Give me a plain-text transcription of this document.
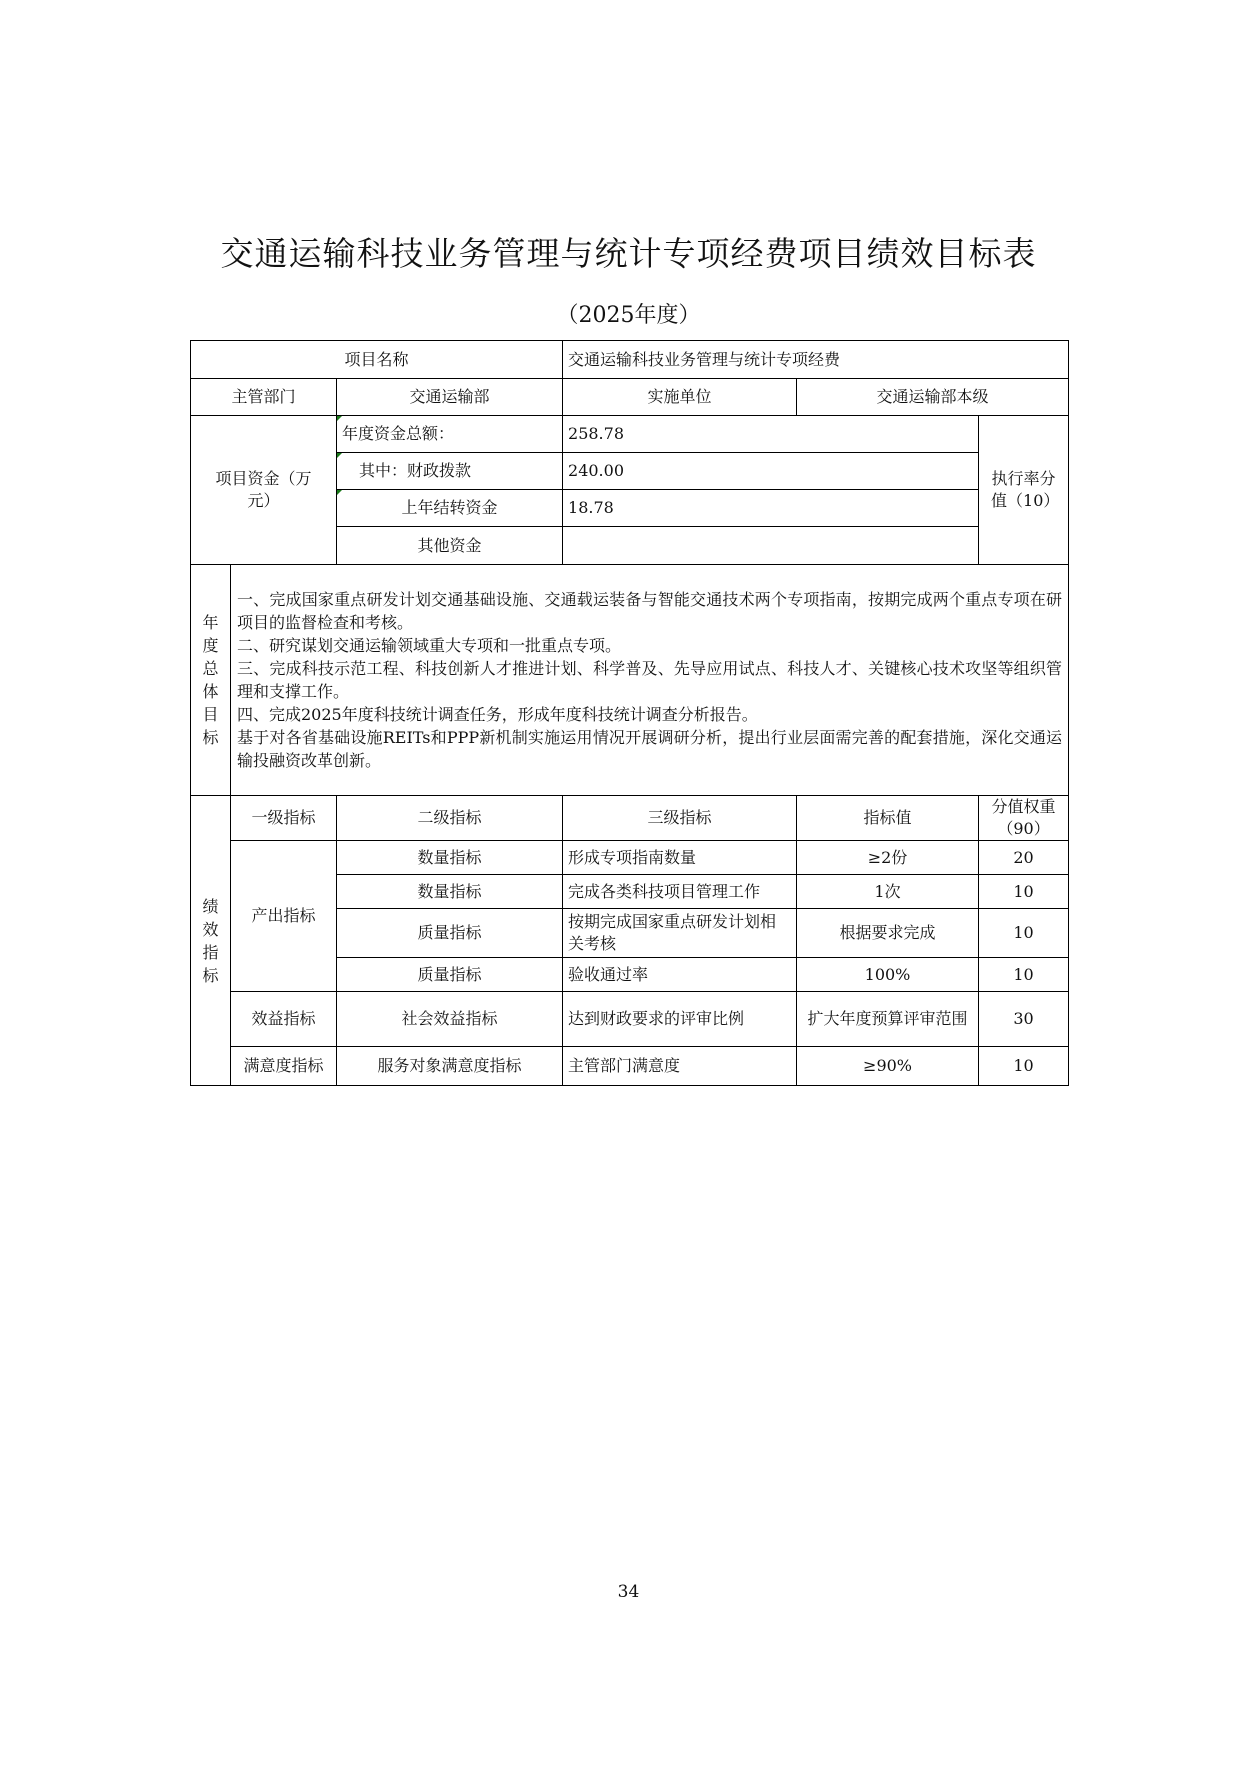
交通运输科技业务管理与统计专项经费项目绩效目标表
（2025年度）
项目名称			交通运输科技业务管理与统计专项经费		
主管部门		交通运输部	实施单位	交通运输部本级	
项目资金（万元）		年度资金总额：	258.78		执行率分值（10）
		其中：财政拨款	240.00		
		上年结转资金	18.78		
		其他资金			
年度总体目标	一、完成国家重点研发计划交通基础设施、交通载运装备与智能交通技术两个专项指南，按期完成两个重点专项在研项目的监督检查和考核。
二、研究谋划交通运输领域重大专项和一批重点专项。
三、完成科技示范工程、科技创新人才推进计划、科学普及、先导应用试点、科技人才、关键核心技术攻坚等组织管理和支撑工作。
四、完成2025年度科技统计调查任务，形成年度科技统计调查分析报告。
基于对各省基础设施REITs和PPP新机制实施运用情况开展调研分析，提出行业层面需完善的配套措施，深化交通运输投融资改革创新。				

绩效指标	一级指标	二级指标	三级指标	指标值	分值权重（90）
	产出指标	数量指标	形成专项指南数量	≥2份	20
		数量指标	完成各类科技项目管理工作	1次	10
		质量指标	按期完成国家重点研发计划相关考核	根据要求完成	10
		质量指标	验收通过率	100%	10
	效益指标	社会效益指标	达到财政要求的评审比例	扩大年度预算评审范围	30
	满意度指标	服务对象满意度指标	主管部门满意度	≥90%	10
34
